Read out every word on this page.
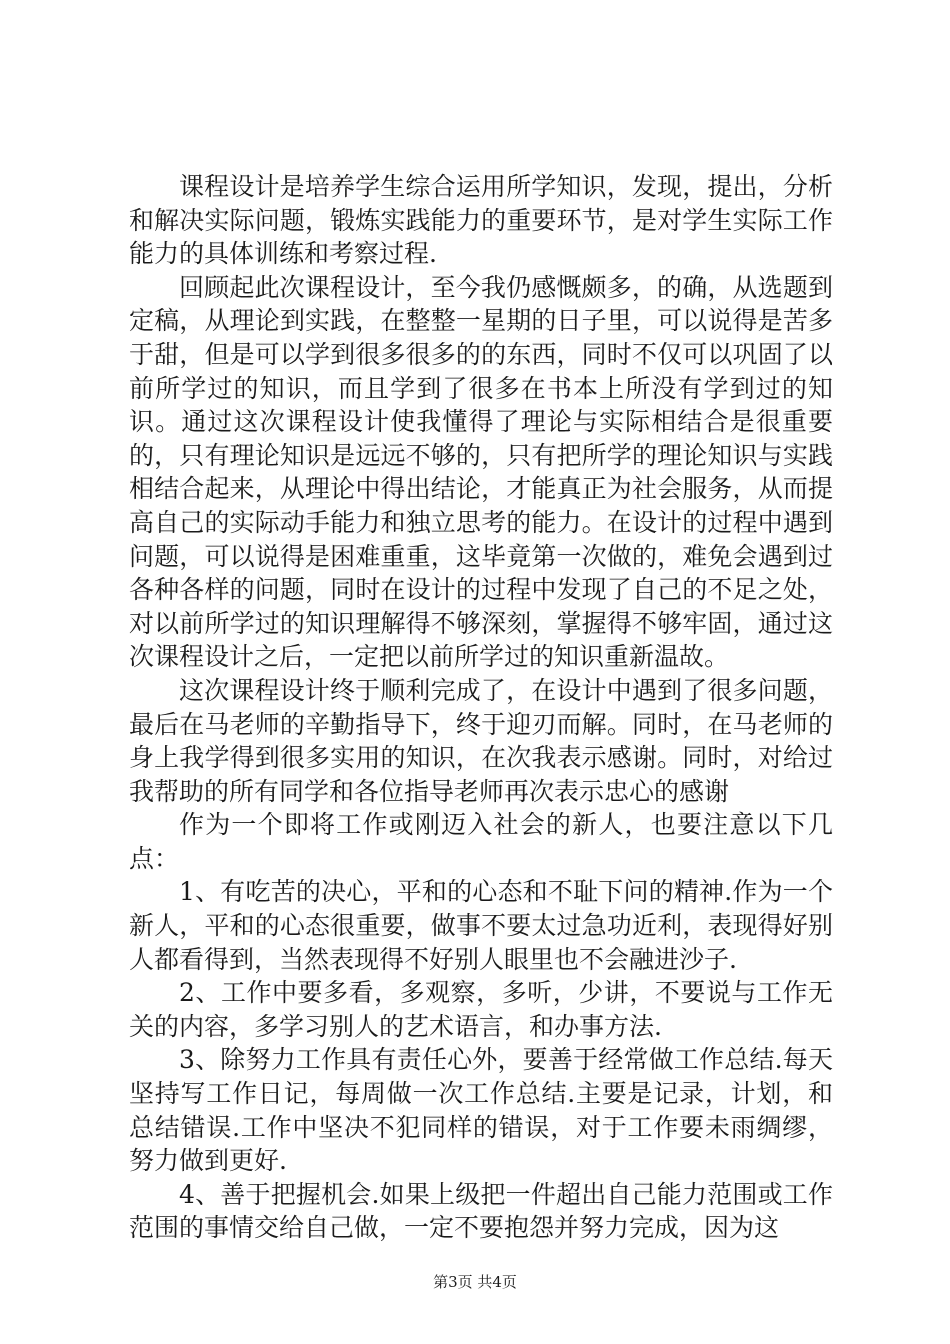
课程设计是培养学生综合运用所学知识，发现，提出，分析和解决实际问题，锻炼实践能力的重要环节，是对学生实际工作能力的具体训练和考察过程.

回顾起此次课程设计，至今我仍感慨颇多，的确，从选题到定稿，从理论到实践，在整整一星期的日子里，可以说得是苦多于甜，但是可以学到很多很多的的东西，同时不仅可以巩固了以前所学过的知识，而且学到了很多在书本上所没有学到过的知识。通过这次课程设计使我懂得了理论与实际相结合是很重要的，只有理论知识是远远不够的，只有把所学的理论知识与实践相结合起来，从理论中得出结论，才能真正为社会服务，从而提高自己的实际动手能力和独立思考的能力。在设计的过程中遇到问题，可以说得是困难重重，这毕竟第一次做的，难免会遇到过各种各样的问题，同时在设计的过程中发现了自己的不足之处，对以前所学过的知识理解得不够深刻，掌握得不够牢固，通过这次课程设计之后，一定把以前所学过的知识重新温故。

这次课程设计终于顺利完成了，在设计中遇到了很多问题，最后在马老师的辛勤指导下，终于迎刃而解。同时，在马老师的身上我学得到很多实用的知识，在次我表示感谢。同时，对给过我帮助的所有同学和各位指导老师再次表示忠心的感谢

作为一个即将工作或刚迈入社会的新人，也要注意以下几点：

1、有吃苦的决心，平和的心态和不耻下问的精神.作为一个新人，平和的心态很重要，做事不要太过急功近利，表现得好别人都看得到，当然表现得不好别人眼里也不会融进沙子.

2、工作中要多看，多观察，多听，少讲，不要说与工作无关的内容，多学习别人的艺术语言，和办事方法.

3、除努力工作具有责任心外，要善于经常做工作总结.每天坚持写工作日记，每周做一次工作总结.主要是记录，计划，和总结错误.工作中坚决不犯同样的错误，对于工作要未雨绸缪，努力做到更好.

4、善于把握机会.如果上级把一件超出自己能力范围或工作范围的事情交给自己做，一定不要抱怨并努力完成，因为这

第3页 共4页
